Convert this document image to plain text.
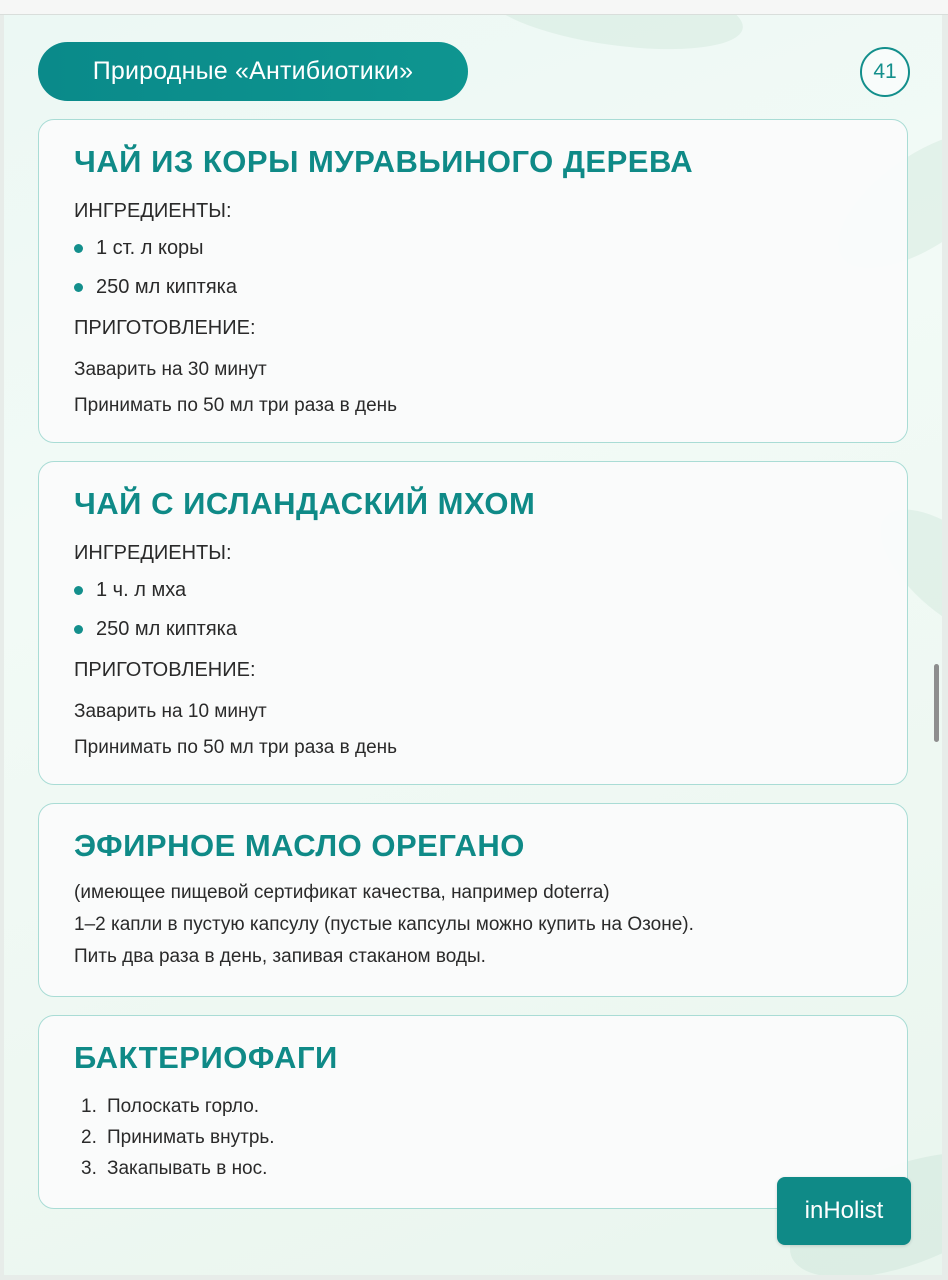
Природные «Антибиотики»	41
ЧАЙ ИЗ КОРЫ МУРАВЬИНОГО ДЕРЕВА
ИНГРЕДИЕНТЫ:
1 ст. л коры
250 мл киптяка
ПРИГОТОВЛЕНИЕ:
Заварить на 30 минут
Принимать по 50 мл три раза в день
ЧАЙ С ИСЛАНДАСКИЙ МХОМ
ИНГРЕДИЕНТЫ:
1 ч. л мха
250 мл киптяка
ПРИГОТОВЛЕНИЕ:
Заварить на 10 минут
Принимать по 50 мл три раза в день
ЭФИРНОЕ МАСЛО ОРЕГАНО
(имеющее пищевой сертификат качества, например doterra)
1–2 капли в пустую капсулу (пустые капсулы можно купить на Озоне).
Пить два раза в день, запивая стаканом воды.
БАКТЕРИОФАГИ
1. Полоскать горло.
2. Принимать внутрь.
3. Закапывать в нос.
inHolist
